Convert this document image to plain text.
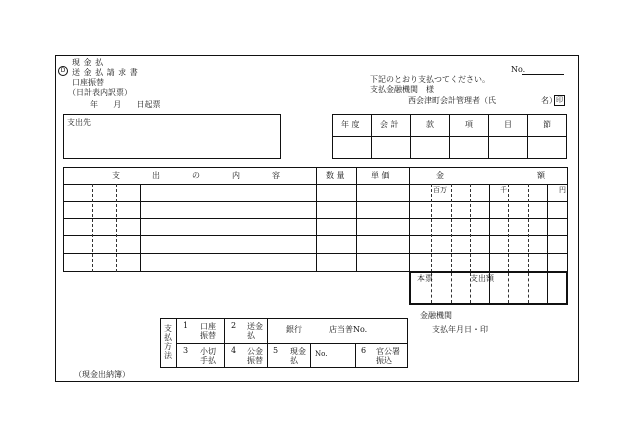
D
現 金 払
送 金 払 請 求 書
口座振替
（日計表内訳票）
年      月      日起票
No.
下記のとおり支払つてください。
支払金融機関　様
西会津町会計管理者（氏	名） 印
支出先	年 度	会 計	款	項	目	節
支　　　　出　　　　の　　　　内　　　　容	数 量	単 価	金	額
百万	千	円
本票	支出額
支払方法
1 口座振替
2 送金払
銀行	店当普No.
3 小切手払
4 公金振替
5 現金払
No.	6 官公署振込
金融機関
支払年月日・印
（現金出納簿）
